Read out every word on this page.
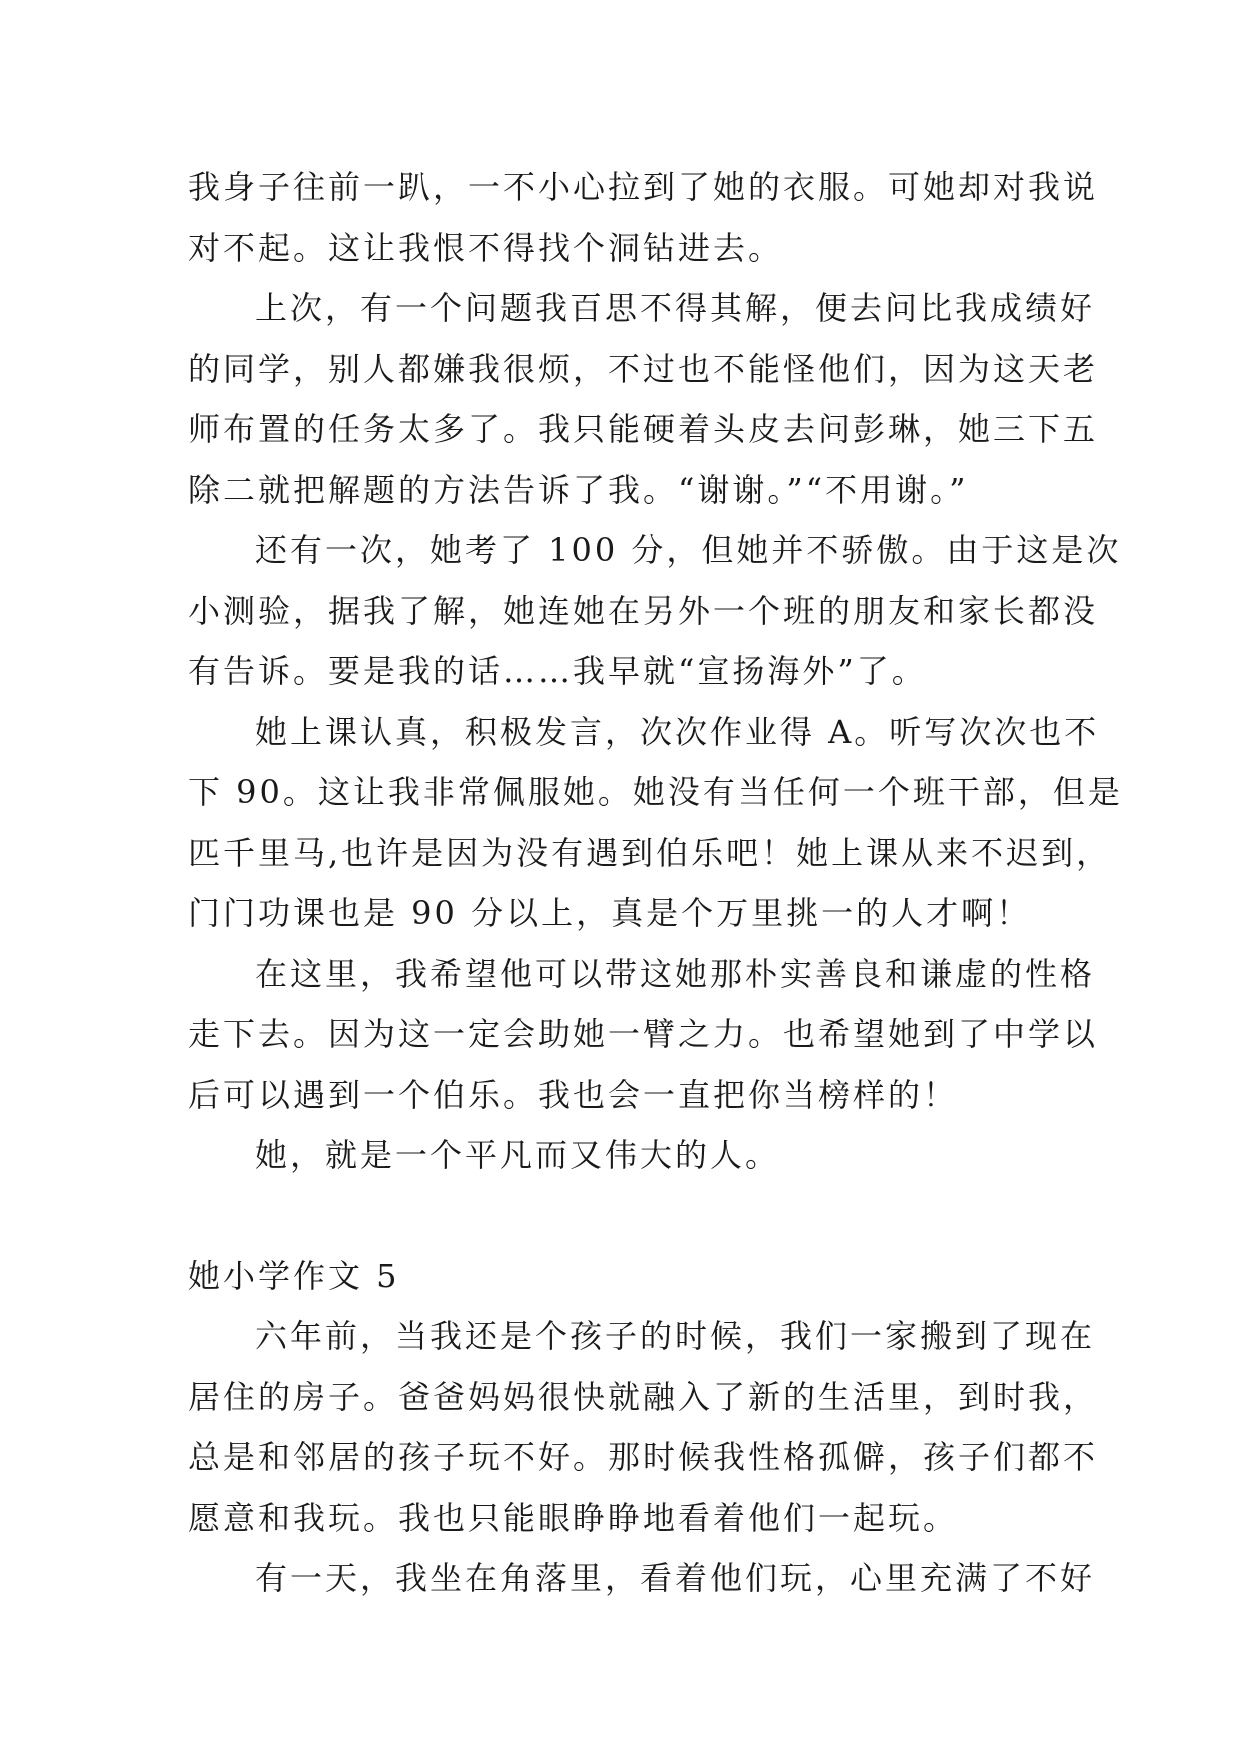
我身子往前一趴，一不小心拉到了她的衣服。可她却对我说
对不起。这让我恨不得找个洞钻进去。
上次，有一个问题我百思不得其解，便去问比我成绩好
的同学，别人都嫌我很烦，不过也不能怪他们，因为这天老
师布置的任务太多了。我只能硬着头皮去问彭琳，她三下五
除二就把解题的方法告诉了我。“谢谢。”“不用谢。”
还有一次，她考了 100 分，但她并不骄傲。由于这是次
小测验，据我了解，她连她在另外一个班的朋友和家长都没
有告诉。要是我的话……我早就“宣扬海外”了。
她上课认真，积极发言，次次作业得 A。听写次次也不
下 90。这让我非常佩服她。她没有当任何一个班干部，但是
匹千里马,也许是因为没有遇到伯乐吧！她上课从来不迟到，
门门功课也是 90 分以上，真是个万里挑一的人才啊！
在这里，我希望他可以带这她那朴实善良和谦虚的性格
走下去。因为这一定会助她一臂之力。也希望她到了中学以
后可以遇到一个伯乐。我也会一直把你当榜样的！
她，就是一个平凡而又伟大的人。
她小学作文 5
六年前，当我还是个孩子的时候，我们一家搬到了现在
居住的房子。爸爸妈妈很快就融入了新的生活里，到时我，
总是和邻居的孩子玩不好。那时候我性格孤僻，孩子们都不
愿意和我玩。我也只能眼睁睁地看着他们一起玩。
有一天，我坐在角落里，看着他们玩，心里充满了不好
